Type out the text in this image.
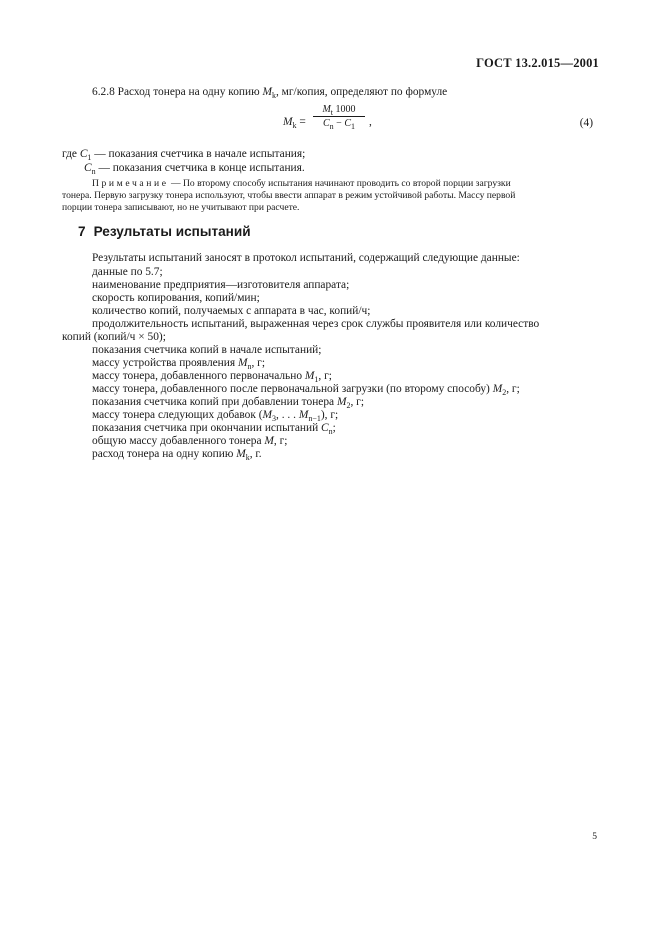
ГОСТ 13.2.015—2001
6.2.8 Расход тонера на одну копию $M_k$, мг/копия, определяют по формуле
$M_k$ =
$M_t$ 1000
$C_n - C_1$	,	(4)
где $C_1$ — показания счетчика в начале испытания;
$C_n$ — показания счетчика в конце испытания.
Примечание — По второму способу испытания начинают проводить со второй порции загрузки
тонера. Первую загрузку тонера используют, чтобы ввести аппарат в режим устойчивой работы. Массу первой
порции тонера записывают, но не учитывают при расчете.
7 Результаты испытаний
Результаты испытаний заносят в протокол испытаний, содержащий следующие данные:
данные по 5.7;
наименование предприятия—изготовителя аппарата;
скорость копирования, копий/мин;
количество копий, получаемых с аппарата в час, копий/ч;
продолжительность испытаний, выраженная через срок службы проявителя или количество
копий (копий/ч × 50);
показания счетчика копий в начале испытаний;
массу устройства проявления $M_n$, г;
массу тонера, добавленного первоначально $M_1$, г;
массу тонера, добавленного после первоначальной загрузки (по второму способу) $M_2$, г;
показания счетчика копий при добавлении тонера $M_2$, г;
массу тонера следующих добавок ($M_3$, . . . $M_{n-1}$), г;
показания счетчика при окончании испытаний $C_n$;
общую массу добавленного тонера M, г;
расход тонера на одну копию $M_k$, г.
5
